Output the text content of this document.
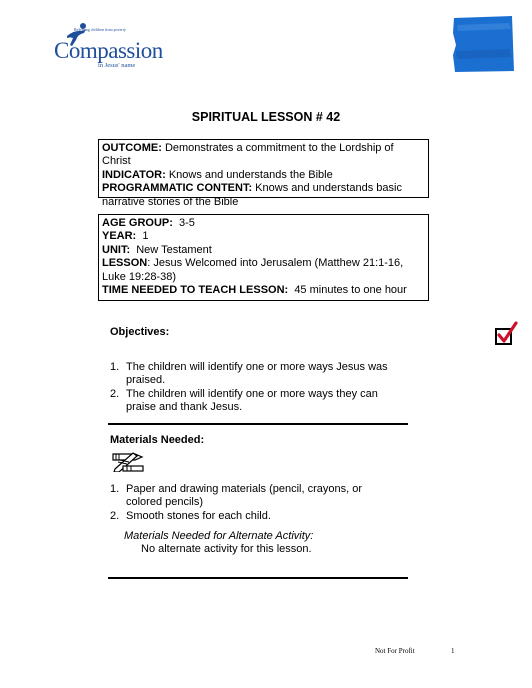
Releasing children from poverty
Compassion
in Jesus' name
SPIRITUAL LESSON # 42

OUTCOME: Demonstrates a commitment to the Lordship of Christ

INDICATOR: Knows and understands the Bible

PROGRAMMATIC CONTENT: Knows and understands basic narrative stories of the Bible

AGE GROUP:  3-5

YEAR:  1

UNIT:  New Testament

LESSON: Jesus Welcomed into Jerusalem (Matthew 21:1-16, Luke 19:28-38)

TIME NEEDED TO TEACH LESSON:  45 minutes to one hour

Objectives:
1. The children will identify one or more ways Jesus was praised.
2. The children will identify one or more ways they can praise and thank Jesus.
Materials Needed:
1. Paper and drawing materials (pencil, crayons, or colored pencils)
2. Smooth stones for each child.
Materials Needed for Alternate Activity:
No alternate activity for this lesson.
Not For Profit	1
